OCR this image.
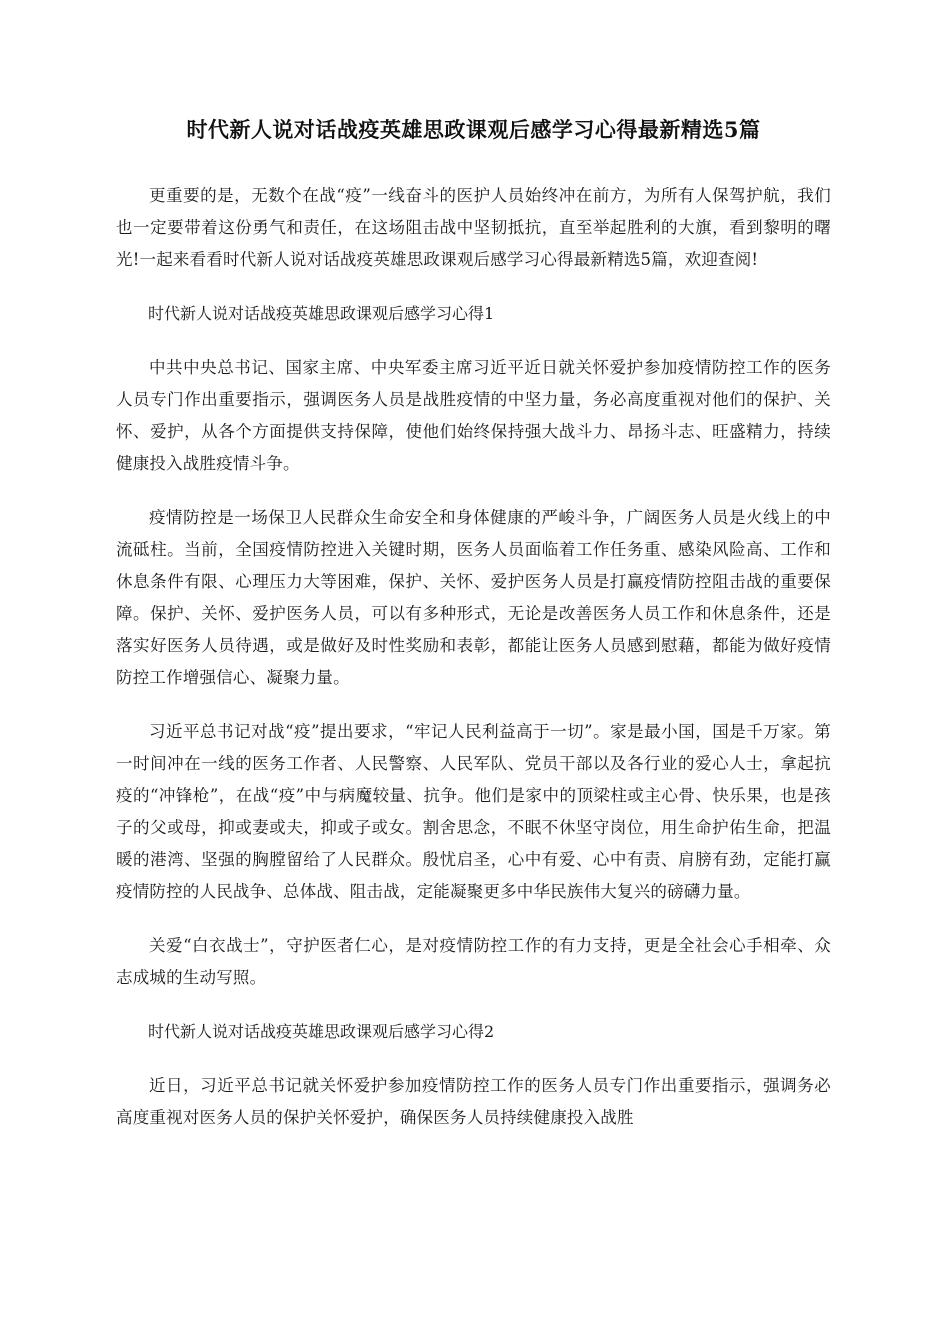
时代新人说对话战疫英雄思政课观后感学习心得最新精选5篇

更重要的是，无数个在战“疫”一线奋斗的医护人员始终冲在前方，为所有人保驾护航，我们也一定要带着这份勇气和责任，在这场阻击战中坚韧抵抗，直至举起胜利的大旗，看到黎明的曙光!一起来看看时代新人说对话战疫英雄思政课观后感学习心得最新精选5篇，欢迎查阅!

时代新人说对话战疫英雄思政课观后感学习心得1

中共中央总书记、国家主席、中央军委主席习近平近日就关怀爱护参加疫情防控工作的医务人员专门作出重要指示，强调医务人员是战胜疫情的中坚力量，务必高度重视对他们的保护、关怀、爱护，从各个方面提供支持保障，使他们始终保持强大战斗力、昂扬斗志、旺盛精力，持续健康投入战胜疫情斗争。

疫情防控是一场保卫人民群众生命安全和身体健康的严峻斗争，广阔医务人员是火线上的中流砥柱。当前，全国疫情防控进入关键时期，医务人员面临着工作任务重、感染风险高、工作和休息条件有限、心理压力大等困难，保护、关怀、爱护医务人员是打赢疫情防控阻击战的重要保障。保护、关怀、爱护医务人员，可以有多种形式，无论是改善医务人员工作和休息条件，还是落实好医务人员待遇，或是做好及时性奖励和表彰，都能让医务人员感到慰藉，都能为做好疫情防控工作增强信心、凝聚力量。

习近平总书记对战“疫”提出要求，“牢记人民利益高于一切”。家是最小国，国是千万家。第一时间冲在一线的医务工作者、人民警察、人民军队、党员干部以及各行业的爱心人士，拿起抗疫的“冲锋枪”，在战“疫”中与病魔较量、抗争。他们是家中的顶梁柱或主心骨、快乐果，也是孩子的父或母，抑或妻或夫，抑或子或女。割舍思念，不眠不休坚守岗位，用生命护佑生命，把温暖的港湾、坚强的胸膛留给了人民群众。殷忧启圣，心中有爱、心中有责、肩膀有劲，定能打赢疫情防控的人民战争、总体战、阻击战，定能凝聚更多中华民族伟大复兴的磅礴力量。

关爱“白衣战士”，守护医者仁心，是对疫情防控工作的有力支持，更是全社会心手相牵、众志成城的生动写照。

时代新人说对话战疫英雄思政课观后感学习心得2

近日，习近平总书记就关怀爱护参加疫情防控工作的医务人员专门作出重要指示，强调务必高度重视对医务人员的保护关怀爱护，确保医务人员持续健康投入战胜
